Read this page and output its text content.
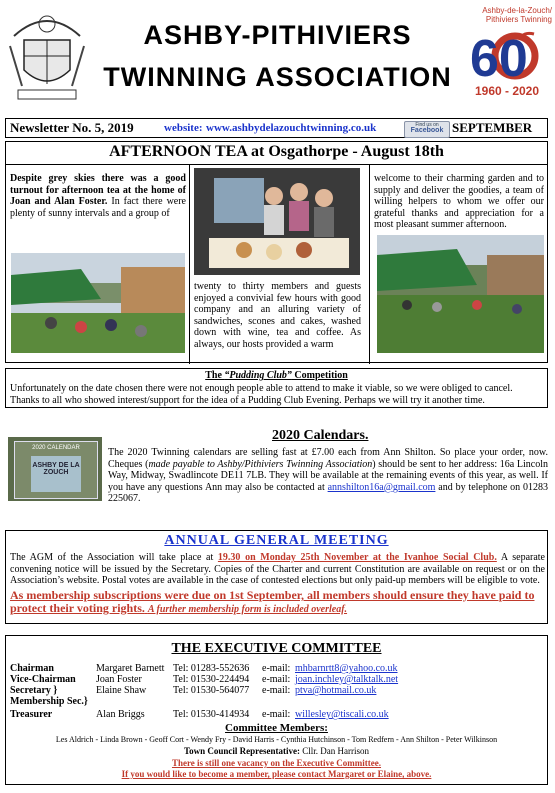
ASHBY-PITHIVIERS
TWINNING ASSOCIATION
Ashby-de-la-Zouch/
Pithiviers Twinning
60
1960 - 2020
Newsletter No. 5, 2019	website: www.ashbydelazouchtwinning.co.uk	Find us on
Facebook SEPTEMBER
AFTERNOON TEA at Osgathorpe - August 18th
Despite grey skies there was a good turnout for afternoon tea at the home of Joan and Alan Foster. In fact there were plenty of sunny intervals and a group of
twenty to thirty members and guests enjoyed a convivial few hours with good company and an alluring variety of sandwiches, scones and cakes, washed down with wine, tea and coffee. As always, our hosts provided a warm
welcome to their charming garden and to supply and deliver the goodies, a team of willing helpers to whom we offer our grateful thanks and appreciation for a most pleasant summer afternoon.
The “Pudding Club” Competition
Unfortunately on the date chosen there were not enough people able to attend to make it viable, so we were obliged to cancel. Thanks to all who showed interest/support for the idea of a Pudding Club Evening. Perhaps we will try it another time.
2020 CALENDAR
ASHBY DE LA ZOUCH
2020 Calendars.
The 2020 Twinning calendars are selling fast at £7.00 each from Ann Shilton. So place your order, now. Cheques (made payable to Ashby/Pithiviers Twinning Association) should be sent to her address: 16a Lincoln Way, Midway, Swadlincote DE11 7LB. They will be available at the remaining events of this year, as well. If you have any questions Ann may also be contacted at annshilton16a@gmail.com and by telephone on 01283 225067.
ANNUAL GENERAL MEETING
The AGM of the Association will take place at 19.30 on Monday 25th November at the Ivanhoe Social Club. A separate convening notice will be issued by the Secretary. Copies of the Charter and current Constitution are available on request or on the Association’s website. Postal votes are available in the case of contested elections but only paid-up members will be eligible to vote.
As membership subscriptions were due on 1st September, all members should ensure they have paid to protect their voting rights. A further membership form is included overleaf.
THE EXECUTIVE COMMITTEE
Chairman	Margaret Barnett Tel: 01283-552636 e-mail: mhbarnrtt8@yahoo.co.uk
Vice-Chairman Joan Foster	Tel: 01530-224494 e-mail: joan.inchley@talktalk.net
Secretary }	Elaine Shaw	Tel: 01530-564077 e-mail: ptva@hotmail.co.uk
Membership Sec.}
Treasurer	Alan Briggs	Tel: 01530-414934 e-mail: willesley@tiscali.co.uk
Committee Members:
Les Aldrich - Linda Brown - Geoff Cort - Wendy Fry - David Harris - Cynthia Hutchinson - Tom Redfern - Ann Shilton - Peter Wilkinson
Town Council Representative: Cllr. Dan Harrison
There is still one vacancy on the Executive Committee.
If you would like to become a member, please contact Margaret or Elaine, above.
